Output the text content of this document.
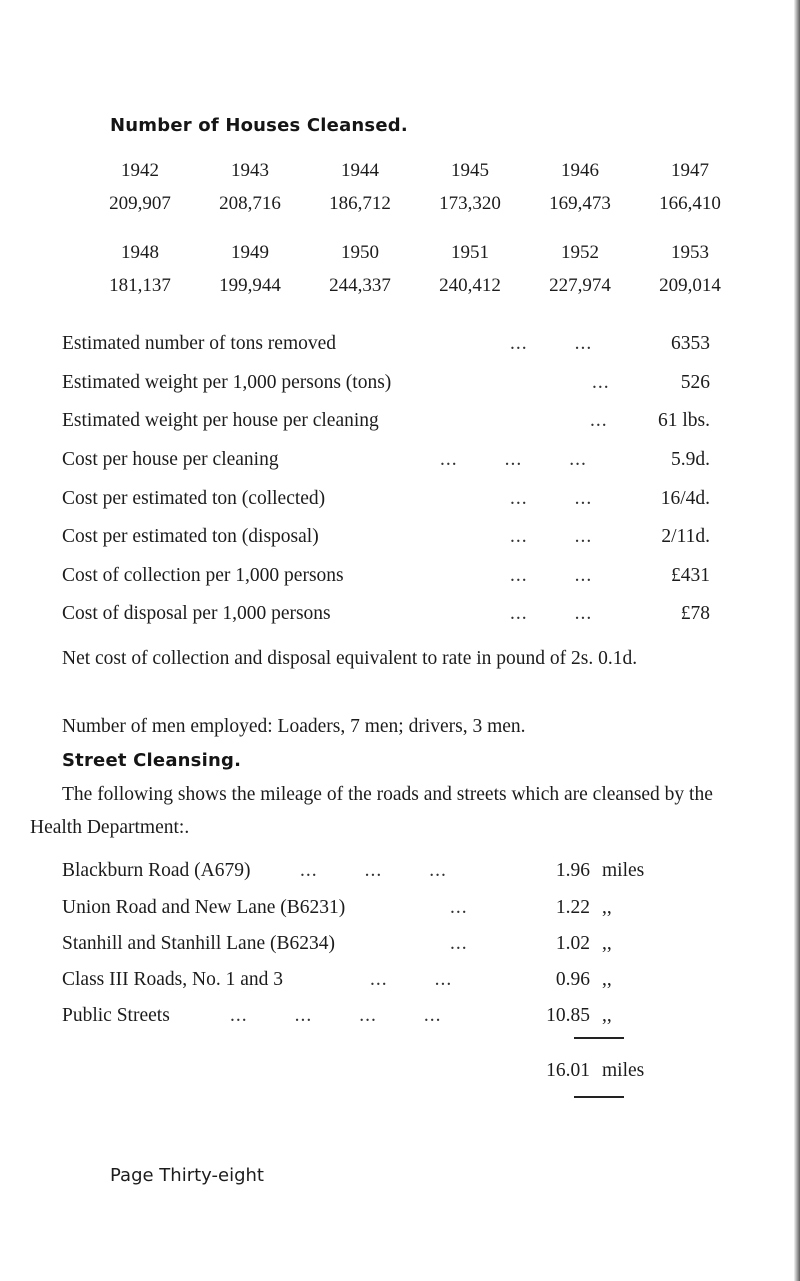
Number of Houses Cleansed.
1942	1943	1944	1945	1946	1947
209,907	208,716	186,712	173,320	169,473	166,410
1948	1949	1950	1951	1952	1953
181,137	199,944	244,337	240,412	227,974	209,014
Estimated number of tons removed	...        ...	6353
Estimated weight per 1,000 persons (tons)	...	526
Estimated weight per house per cleaning	...	61 lbs.
Cost per house per cleaning	...        ...        ...	5.9d.
Cost per estimated ton (collected)	...        ...	16/4d.
Cost per estimated ton (disposal)	...        ...	2/11d.
Cost of collection per 1,000 persons	...        ...	£431
Cost of disposal per 1,000 persons	...        ...	£78
Net cost of collection and disposal equivalent to rate in pound of 2s. 0.1d.
Number of men employed: Loaders, 7 men; drivers, 3 men.
Street Cleansing.
The following shows the mileage of the roads and streets which are cleansed by the Health Department:.
Blackburn Road (A679)	...        ...        ...	1.96 miles
Union Road and New Lane (B6231)	...	1.22 ,,
Stanhill and Stanhill Lane (B6234)	...	1.02 ,,
Class III Roads, No. 1 and 3	...        ...	0.96 ,,
Public Streets	...        ...        ...        ...	10.85 ,,
16.01 miles
Page Thirty-eight
